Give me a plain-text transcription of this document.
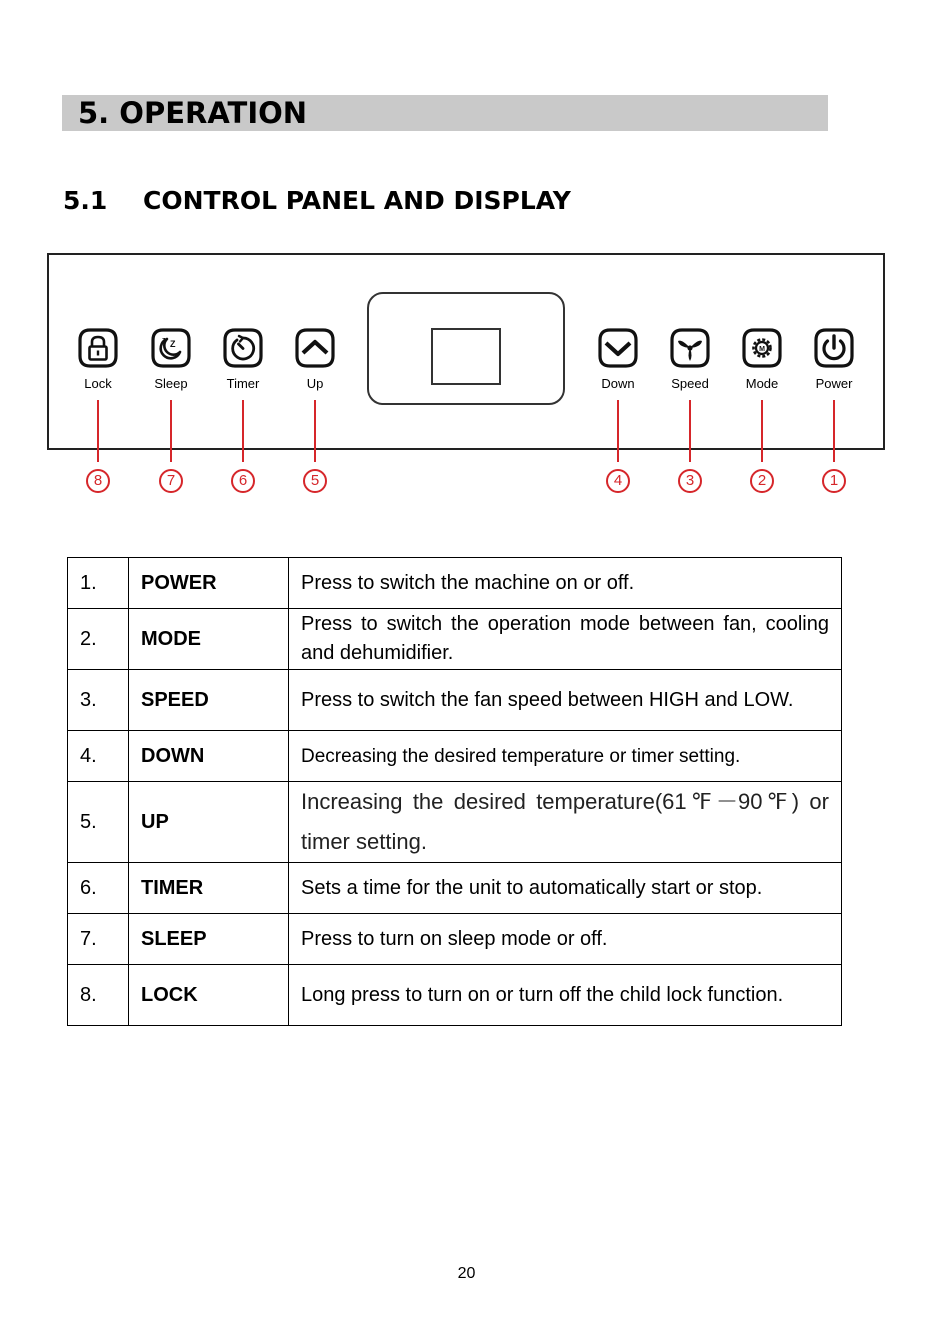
5. OPERATION
5.1 CONTROL PANEL AND DISPLAY
Lock
Z
z
Sleep	Timer	Up	Down	Speed
M
Mode	Power
8	7	6	5	4	3	2	1
1.	POWER	Press to switch the machine on or off.
2.	MODE	Press to switch the operation mode between fan, cooling and dehumidifier.
3.	SPEED	Press to switch the fan speed between HIGH and LOW.
4.	DOWN	Decreasing the desired temperature or timer setting.
5.	UP	Increasing the desired temperature(61℉－90℉) or timer setting.
6.	TIMER	Sets a time for the unit to automatically start or stop.
7.	SLEEP	Press to turn on sleep mode or off.
8.	LOCK	Long press to turn on or turn off the child lock function.
20
